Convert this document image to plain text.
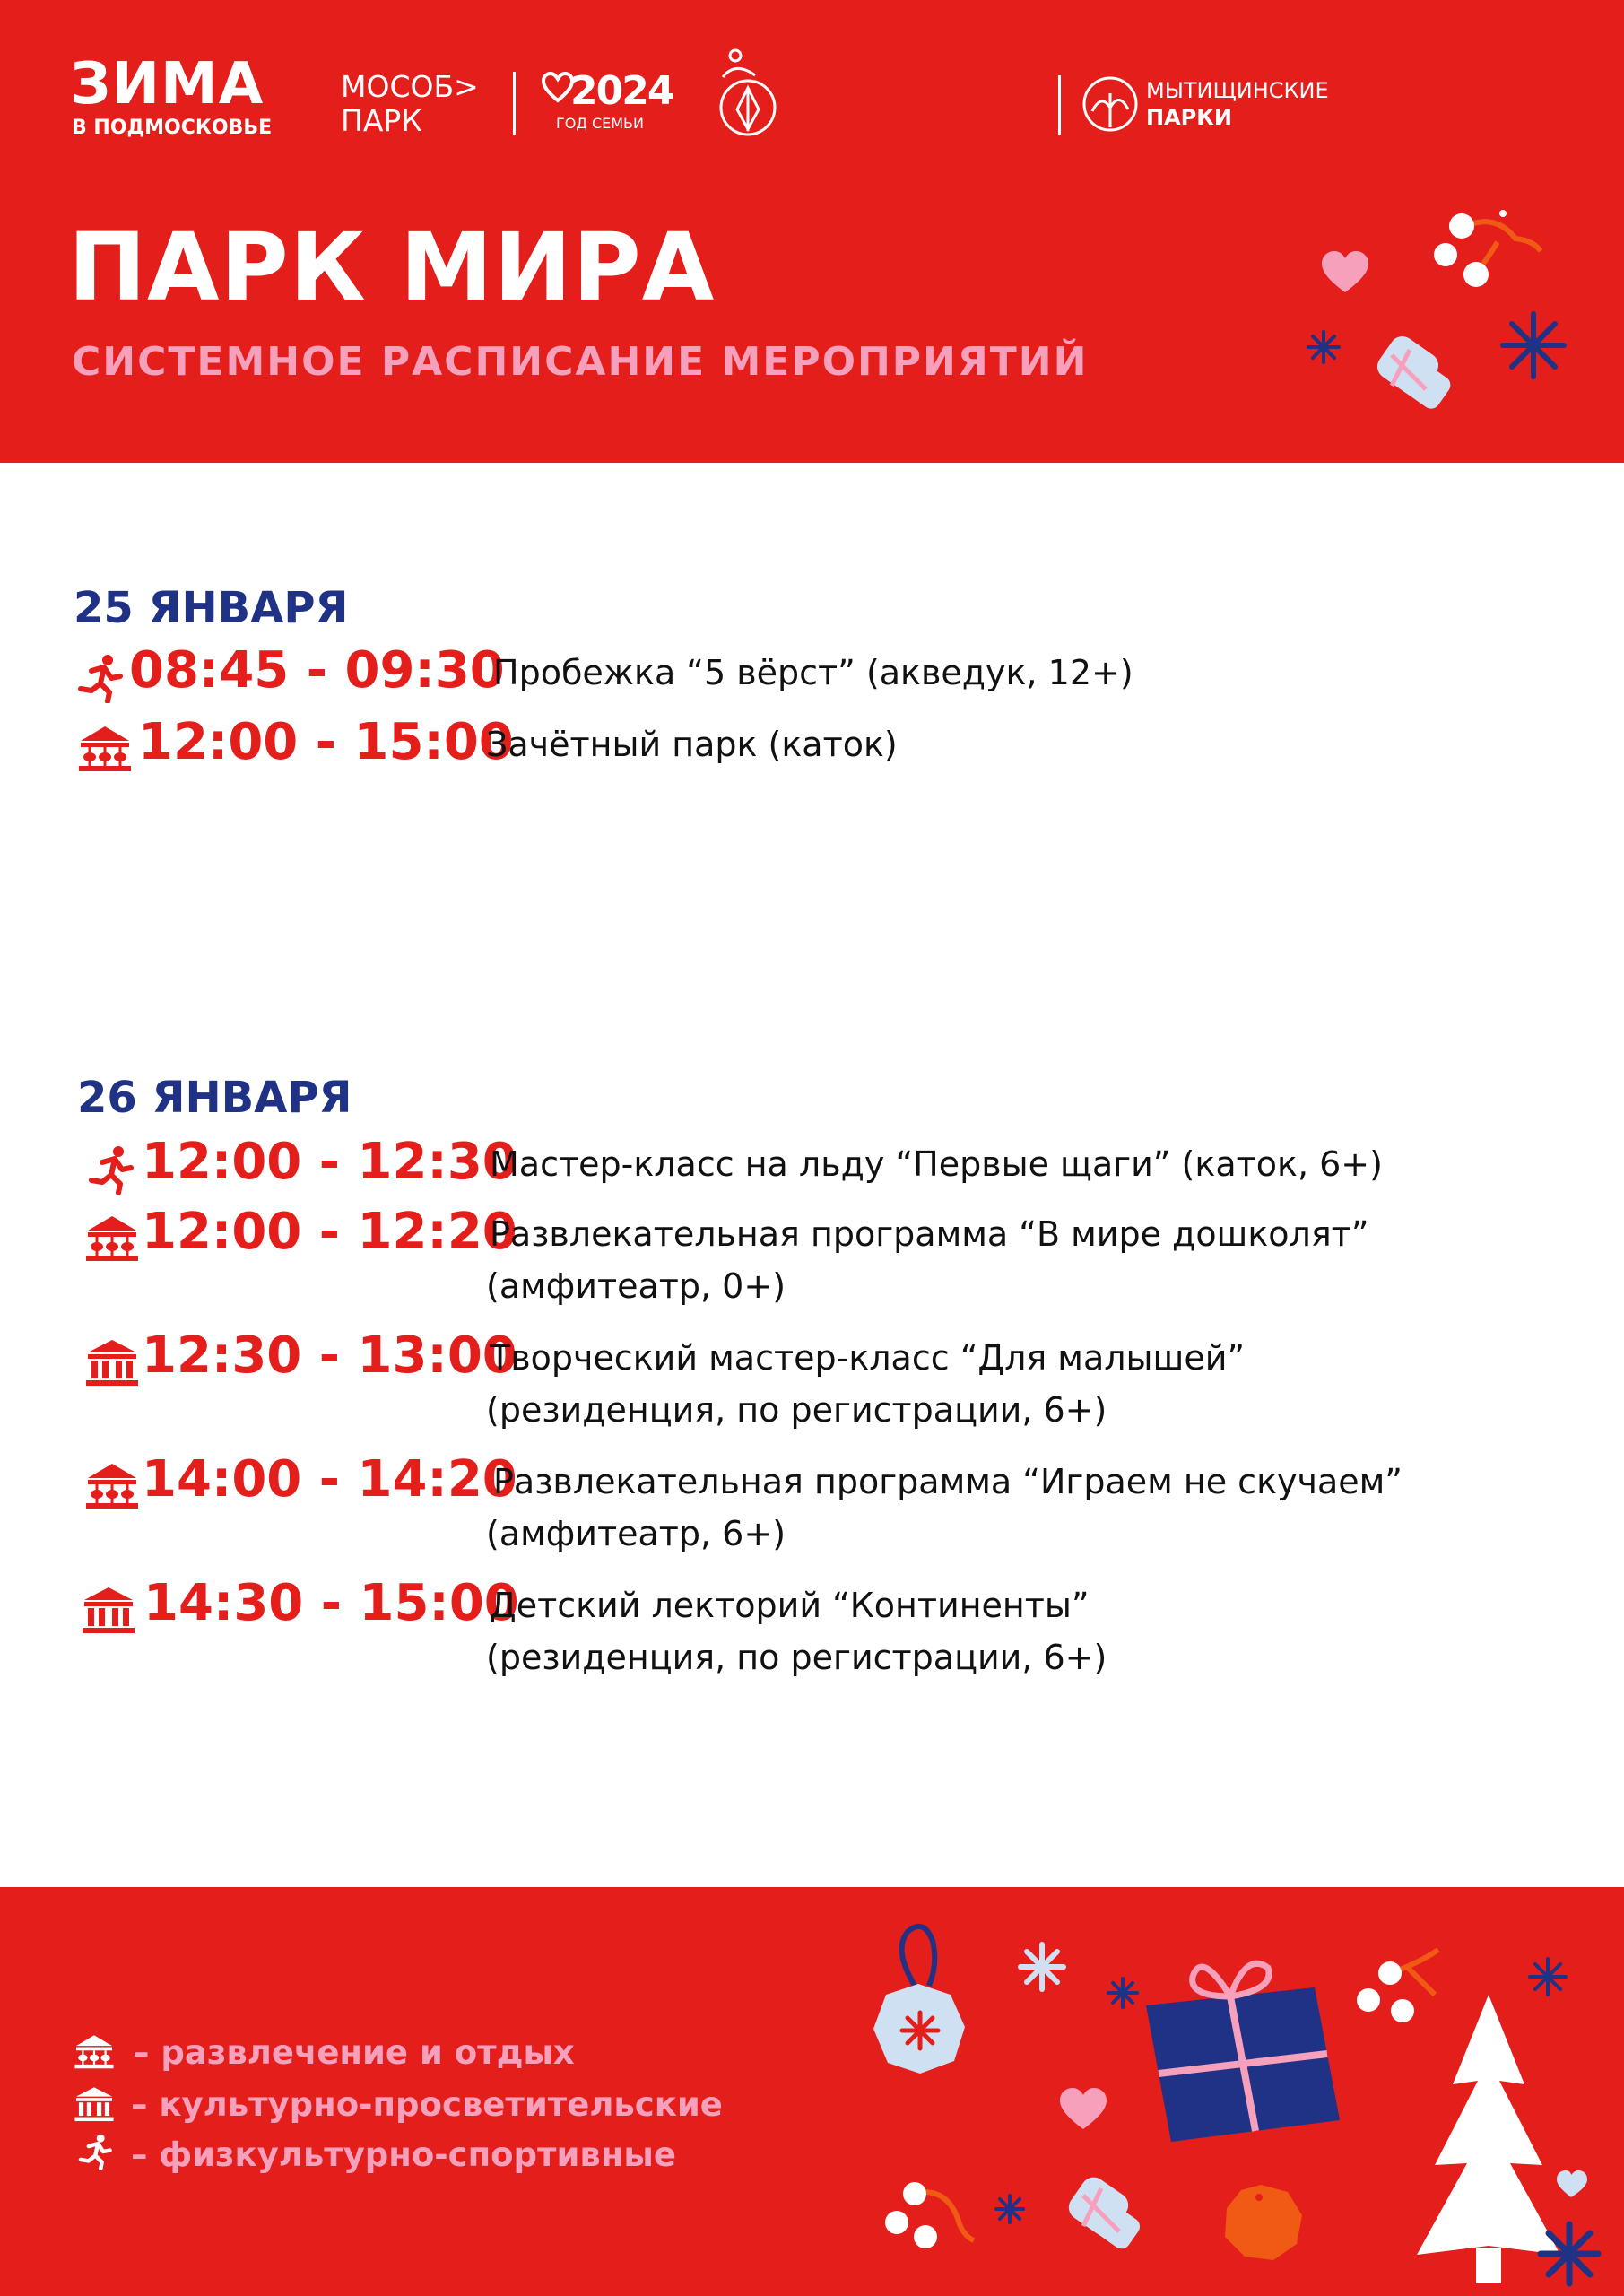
ЗИМА
В ПОДМОСКОВЬЕ
МОСОБ>
ПАРК
2024
ГОД СЕМЬИ
МЫТИЩИНСКИЕ
ПАРКИ
ПАРК МИРА
СИСТЕМНОЕ РАСПИСАНИЕ МЕРОПРИЯТИЙ
25 ЯНВАРЯ
08:45 - 09:30
Пробежка “5 вёрст” (акведук, 12+)
12:00 - 15:00
Зачётный парк (каток)
26 ЯНВАРЯ
12:00 - 12:30
Мастер-класс на льду “Первые щаги” (каток, 6+)
12:00 - 12:20
Развлекательная программа “В мире дошколят”
(амфитеатр, 0+)
12:30 - 13:00
Творческий мастер-класс “Для малышей”
(резиденция, по регистрации, 6+)
14:00 - 14:20
Развлекательная программа “Играем не скучаем”
(амфитеатр, 6+)
14:30 - 15:00
Детский лекторий “Континенты”
(резиденция, по регистрации, 6+)
– развлечение и отдых
– культурно-просветительские
– физкультурно-спортивные
